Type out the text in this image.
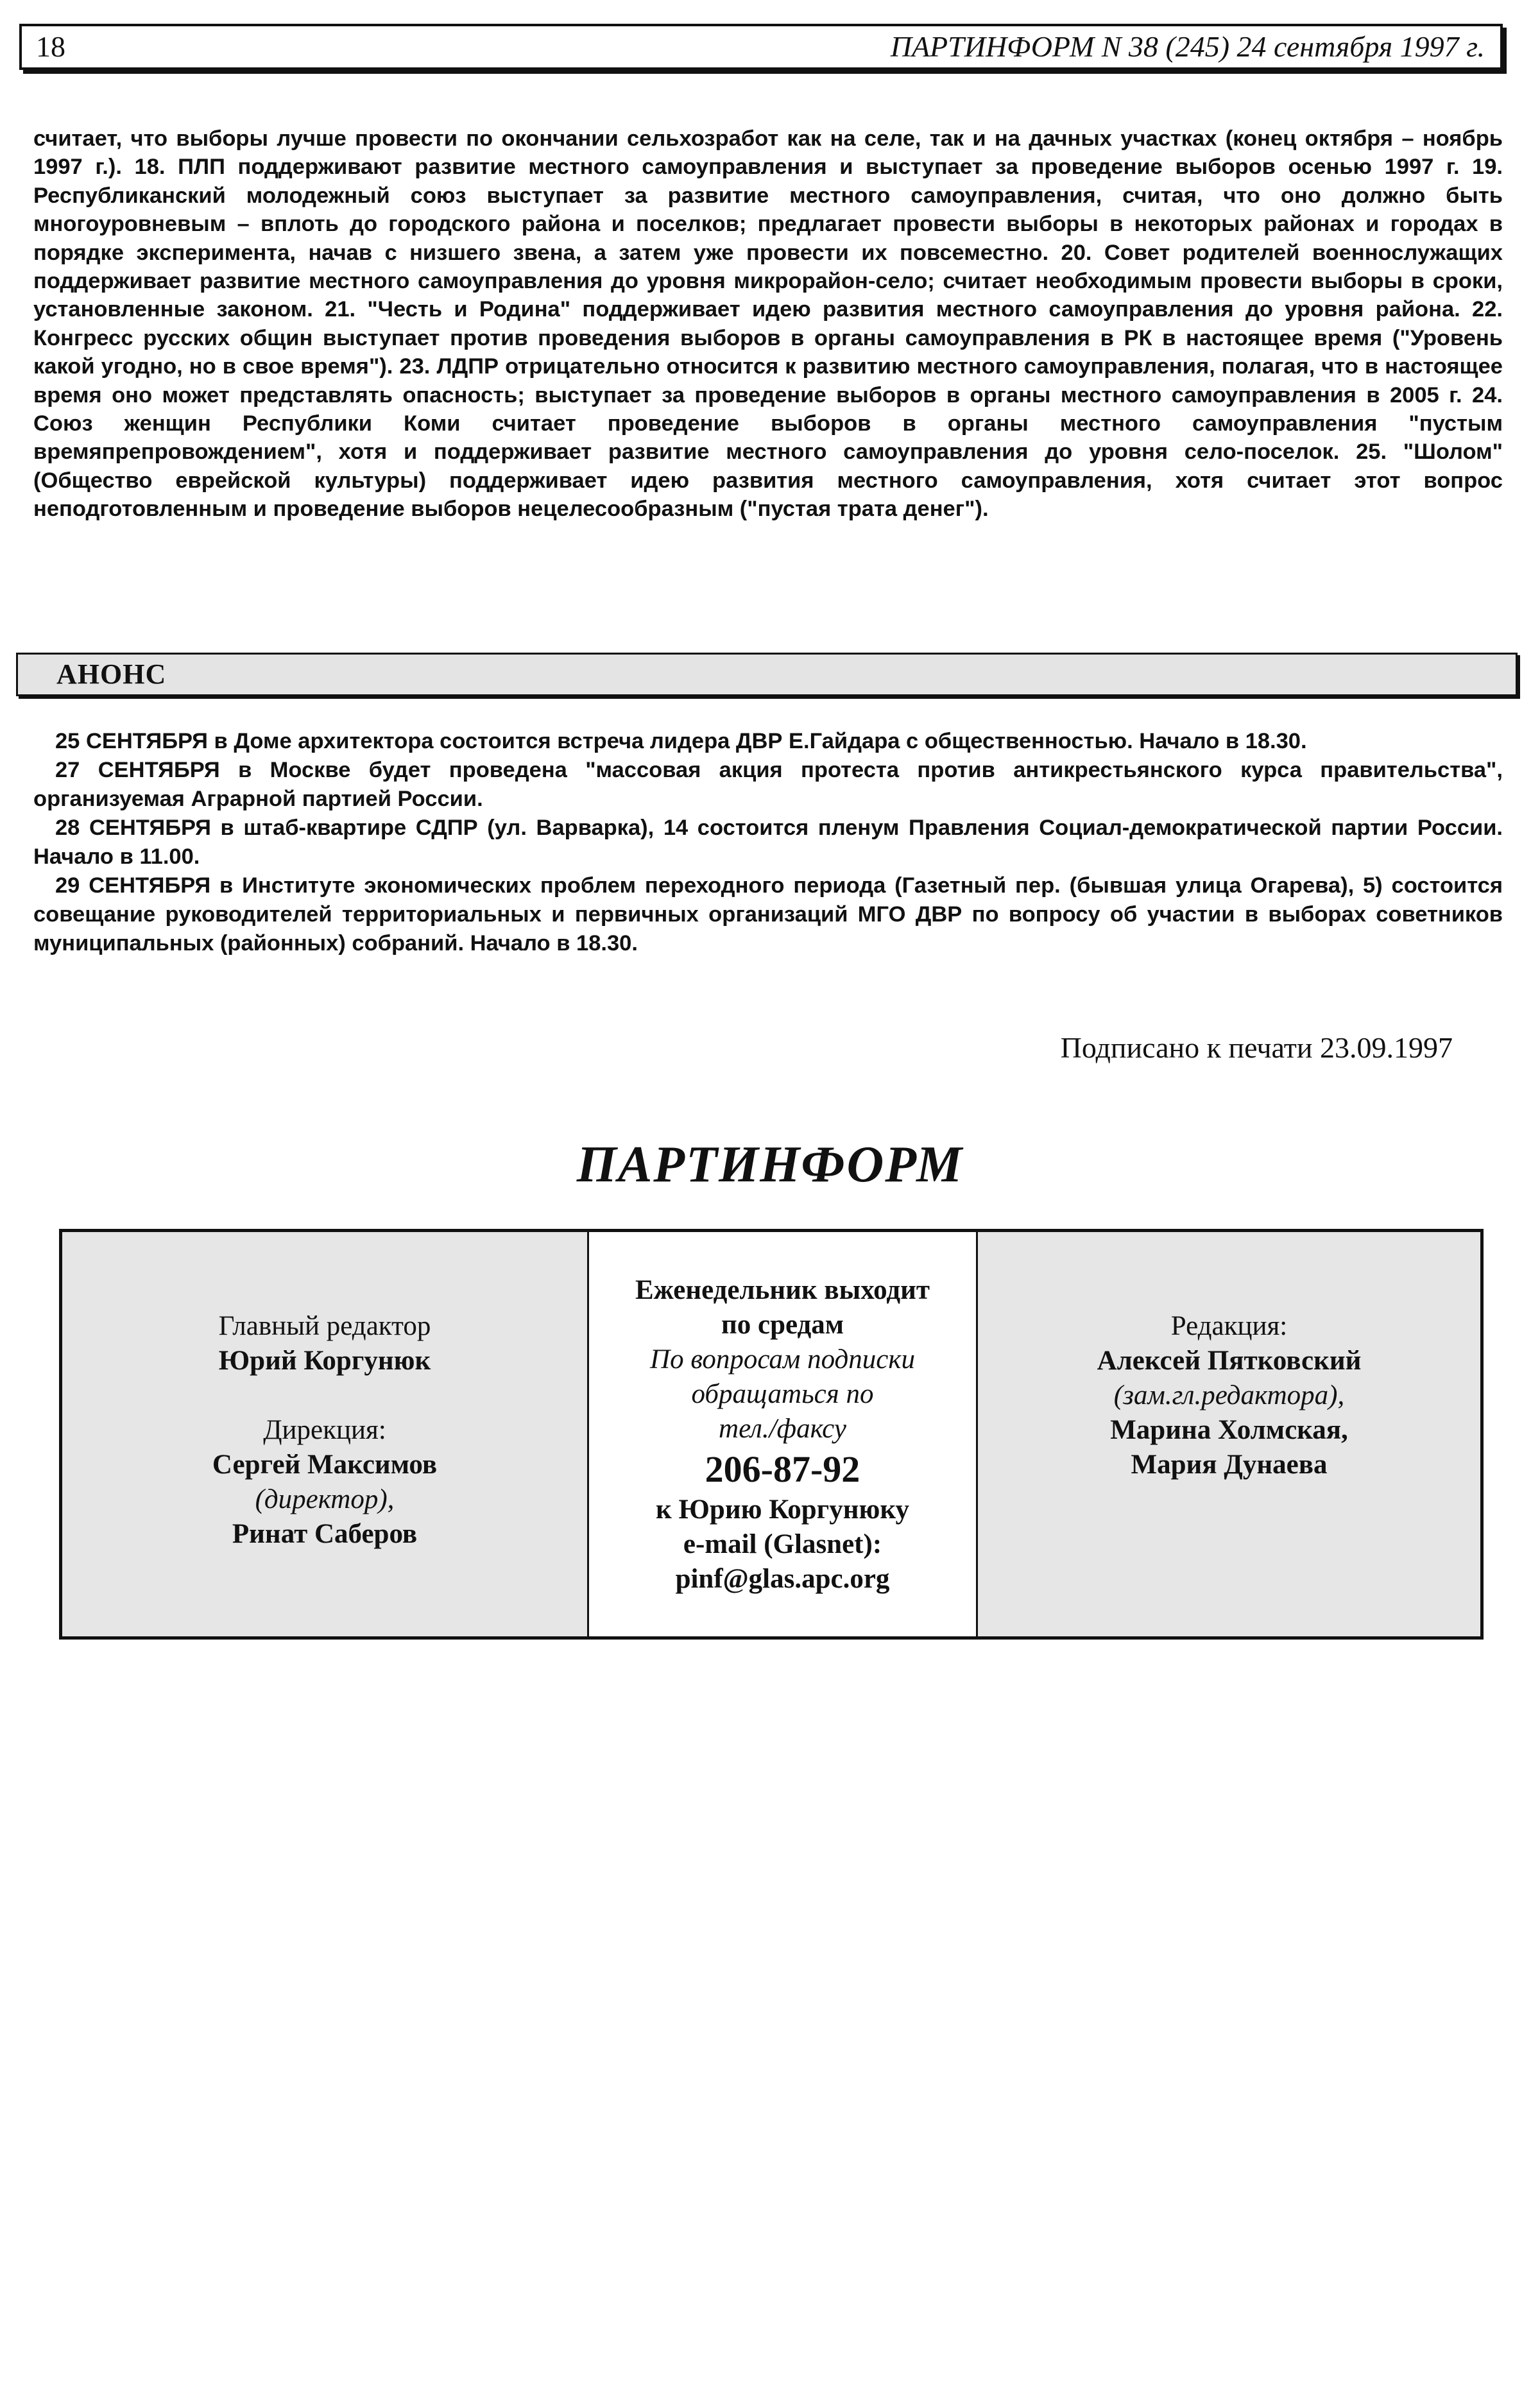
18	ПАРТИНФОРМ N 38 (245) 24 сентября 1997 г.

считает, что выборы лучше провести по окончании сельхозработ как на селе, так и на дачных участках (конец октября – ноябрь 1997 г.). 18. ПЛП поддерживают развитие местного самоуправления и выступает за проведение выборов осенью 1997 г. 19. Республиканский молодежный союз выступает за развитие местного самоуправления, считая, что оно должно быть многоуровневым – вплоть до городского района и поселков; предлагает провести выборы в некоторых районах и городах в порядке эксперимента, начав с низшего звена, а затем уже провести их повсеместно. 20. Совет родителей военнослужащих поддерживает развитие местного самоуправления до уровня микрорайон-село; считает необходимым провести выборы в сроки, установленные законом. 21. "Честь и Родина" поддерживает идею развития местного самоуправления до уровня района. 22. Конгресс русских общин выступает против проведения выборов в органы самоуправления в РК в настоящее время ("Уровень какой угодно, но в свое время"). 23. ЛДПР отрицательно относится к развитию местного самоуправления, полагая, что в настоящее время оно может представлять опасность; выступает за проведение выборов в органы местного самоуправления в 2005 г. 24. Союз женщин Республики Коми считает проведение выборов в органы местного самоуправления "пустым времяпрепровождением", хотя и поддерживает развитие местного самоуправления до уровня село-поселок. 25. "Шолом" (Общество еврейской культуры) поддерживает идею развития местного самоуправления, хотя считает этот вопрос неподготовленным и проведение выборов нецелесообразным ("пустая трата денег").

АНОНС

25 СЕНТЯБРЯ в Доме архитектора состоится встреча лидера ДВР Е.Гайдара с общественностью. Начало в 18.30.

27 СЕНТЯБРЯ в Москве будет проведена "массовая акция протеста против антикрестьянского курса правительства", организуемая Аграрной партией России.

28 СЕНТЯБРЯ в штаб-квартире СДПР (ул. Варварка), 14 состоится пленум Правления Социал-демократической партии России. Начало в 11.00.

29 СЕНТЯБРЯ в Институте экономических проблем переходного периода (Газетный пер. (бывшая улица Огарева), 5) состоится совещание руководителей территориальных и первичных организаций МГО ДВР по вопросу об участии в выборах советников муниципальных (районных) собраний. Начало в 18.30.

Подписано к печати 23.09.1997
ПАРТИНФОРМ
Главный редактор
Юрий Коргунюк
Дирекция:
Сергей Максимов
(директор),
Ринат Саберов
Еженедельник выходит
по средам
По вопросам подписки
обращаться по
тел./факсу
206-87-92
к Юрию Коргунюку
e-mail (Glasnet):
pinf@glas.apc.org
Редакция:
Алексей Пятковский
(зам.гл.редактора),
Марина Холмская,
Мария Дунаева
